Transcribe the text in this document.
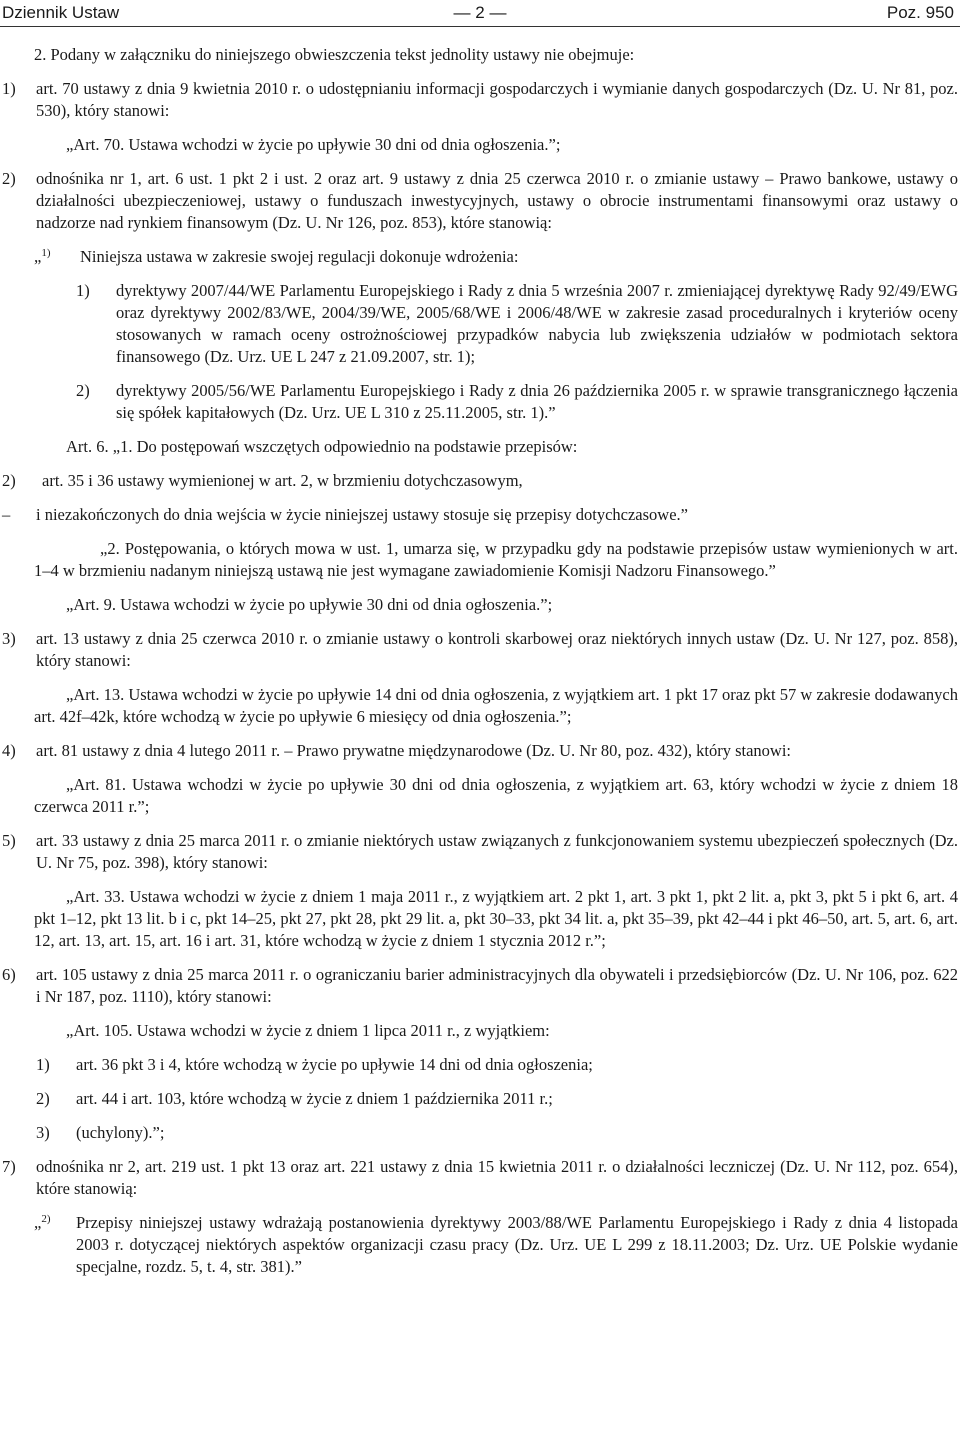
Dziennik Ustaw	— 2 —	Poz. 950

2. Podany w załączniku do niniejszego obwieszczenia tekst jednolity ustawy nie obejmuje:

1)	art. 70 ustawy z dnia 9 kwietnia 2010 r. o udostępnianiu informacji gospodarczych i wymianie danych gospodarczych (Dz. U. Nr 81, poz. 530), który stanowi:

„Art. 70. Ustawa wchodzi w życie po upływie 30 dni od dnia ogłoszenia.”;

2)	odnośnika nr 1, art. 6 ust. 1 pkt 2 i ust. 2 oraz art. 9 ustawy z dnia 25 czerwca 2010 r. o zmianie ustawy – Prawo bankowe, ustawy o działalności ubezpieczeniowej, ustawy o funduszach inwestycyjnych, ustawy o obrocie instrumentami finansowymi oraz ustawy o nadzorze nad rynkiem finansowym (Dz. U. Nr 126, poz. 853), które stanowią:
„$^{1)}$	Niniejsza ustawa w zakresie swojej regulacji dokonuje wdrożenia:
1)	dyrektywy 2007/44/WE Parlamentu Europejskiego i Rady z dnia 5 września 2007 r. zmieniającej dyrektywę Rady 92/49/EWG oraz dyrektywy 2002/83/WE, 2004/39/WE, 2005/68/WE i 2006/48/WE w zakresie zasad proceduralnych i kryteriów oceny stosowanych w ramach oceny ostrożnościowej przypadków nabycia lub zwiększenia udziałów w podmiotach sektora finansowego (Dz. Urz. UE L 247 z 21.09.2007, str. 1);
2)	dyrektywy 2005/56/WE Parlamentu Europejskiego i Rady z dnia 26 października 2005 r. w sprawie transgranicznego łączenia się spółek kapitałowych (Dz. Urz. UE L 310 z 25.11.2005, str. 1).”

Art. 6. „1. Do postępowań wszczętych odpowiednio na podstawie przepisów:

2)	art. 35 i 36 ustawy wymienionej w art. 2, w brzmieniu dotychczasowym,
–	i niezakończonych do dnia wejścia w życie niniejszej ustawy stosuje się przepisy dotychczasowe.”

„2. Postępowania, o których mowa w ust. 1, umarza się, w przypadku gdy na podstawie przepisów ustaw wymienionych w art. 1–4 w brzmieniu nadanym niniejszą ustawą nie jest wymagane zawiadomienie Komisji Nadzoru Finansowego.”

„Art. 9. Ustawa wchodzi w życie po upływie 30 dni od dnia ogłoszenia.”;

3)	art. 13 ustawy z dnia 25 czerwca 2010 r. o zmianie ustawy o kontroli skarbowej oraz niektórych innych ustaw (Dz. U. Nr 127, poz. 858), który stanowi:

„Art. 13. Ustawa wchodzi w życie po upływie 14 dni od dnia ogłoszenia, z wyjątkiem art. 1 pkt 17 oraz pkt 57 w zakresie dodawanych art. 42f–42k, które wchodzą w życie po upływie 6 miesięcy od dnia ogłoszenia.”;

4)	art. 81 ustawy z dnia 4 lutego 2011 r. – Prawo prywatne międzynarodowe (Dz. U. Nr 80, poz. 432), który stanowi:

„Art. 81. Ustawa wchodzi w życie po upływie 30 dni od dnia ogłoszenia, z wyjątkiem art. 63, który wchodzi w życie z dniem 18 czerwca 2011 r.”;

5)	art. 33 ustawy z dnia 25 marca 2011 r. o zmianie niektórych ustaw związanych z funkcjonowaniem systemu ubezpieczeń społecznych (Dz. U. Nr 75, poz. 398), który stanowi:

„Art. 33. Ustawa wchodzi w życie z dniem 1 maja 2011 r., z wyjątkiem art. 2 pkt 1, art. 3 pkt 1, pkt 2 lit. a, pkt 3, pkt 5 i pkt 6, art. 4 pkt 1–12, pkt 13 lit. b i c, pkt 14–25, pkt 27, pkt 28, pkt 29 lit. a, pkt 30–33, pkt 34 lit. a, pkt 35–39, pkt 42–44 i pkt 46–50, art. 5, art. 6, art. 12, art. 13, art. 15, art. 16 i art. 31, które wchodzą w życie z dniem 1 stycznia 2012 r.”;

6)	art. 105 ustawy z dnia 25 marca 2011 r. o ograniczaniu barier administracyjnych dla obywateli i przedsiębiorców (Dz. U. Nr 106, poz. 622 i Nr 187, poz. 1110), który stanowi:

„Art. 105. Ustawa wchodzi w życie z dniem 1 lipca 2011 r., z wyjątkiem:

1)	art. 36 pkt 3 i 4, które wchodzą w życie po upływie 14 dni od dnia ogłoszenia;
2)	art. 44 i art. 103, które wchodzą w życie z dniem 1 października 2011 r.;
3)	(uchylony).”;
7)	odnośnika nr 2, art. 219 ust. 1 pkt 13 oraz art. 221 ustawy z dnia 15 kwietnia 2011 r. o działalności leczniczej (Dz. U. Nr 112, poz. 654), które stanowią:
„$^{2)}$	Przepisy niniejszej ustawy wdrażają postanowienia dyrektywy 2003/88/WE Parlamentu Europejskiego i Rady z dnia 4 listopada 2003 r. dotyczącej niektórych aspektów organizacji czasu pracy (Dz. Urz. UE L 299 z 18.11.2003; Dz. Urz. UE Polskie wydanie specjalne, rozdz. 5, t. 4, str. 381).”
